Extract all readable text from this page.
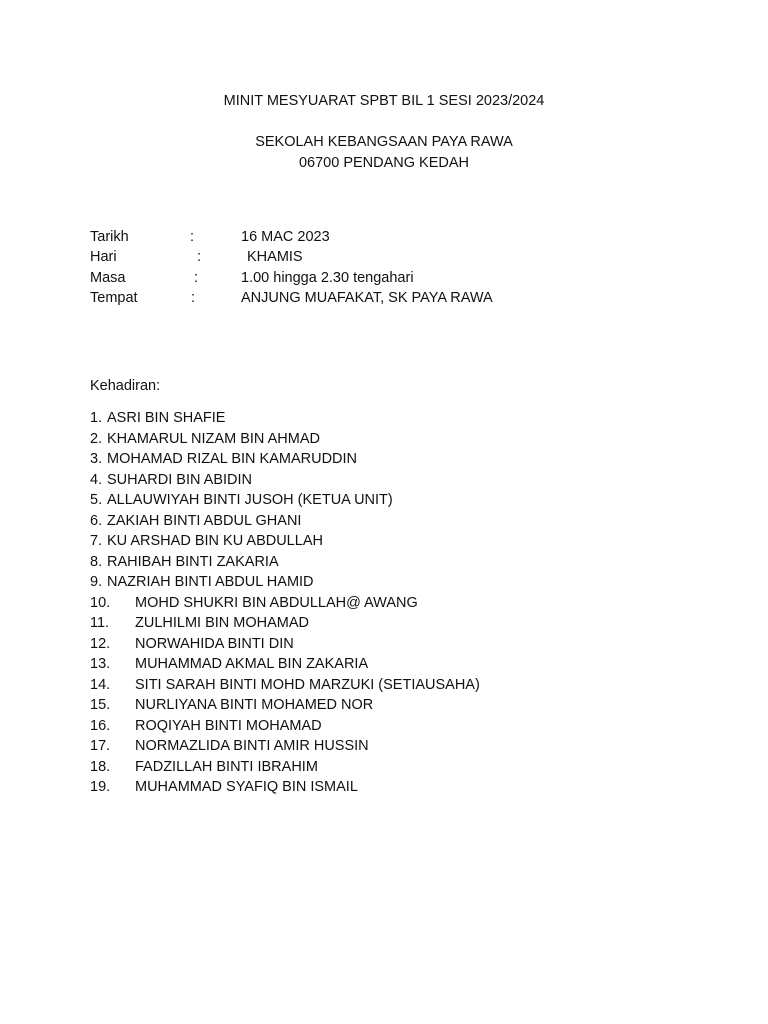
MINIT MESYUARAT SPBT BIL 1 SESI 2023/2024
SEKOLAH KEBANGSAAN PAYA RAWA
06700 PENDANG KEDAH
Tarikh	:	16 MAC 2023
Hari	:	KHAMIS
Masa	:	1.00 hingga 2.30 tengahari
Tempat	:	ANJUNG MUAFAKAT, SK PAYA RAWA
Kehadiran:
1. ASRI BIN SHAFIE
2. KHAMARUL NIZAM BIN AHMAD
3. MOHAMAD RIZAL BIN KAMARUDDIN
4. SUHARDI BIN ABIDIN
5. ALLAUWIYAH BINTI JUSOH (KETUA UNIT)
6. ZAKIAH BINTI ABDUL GHANI
7. KU ARSHAD BIN KU ABDULLAH
8. RAHIBAH BINTI ZAKARIA
9. NAZRIAH BINTI ABDUL HAMID
10. MOHD SHUKRI BIN ABDULLAH@ AWANG
11. ZULHILMI BIN MOHAMAD
12. NORWAHIDA BINTI DIN
13. MUHAMMAD AKMAL BIN ZAKARIA
14. SITI SARAH BINTI MOHD MARZUKI (SETIAUSAHA)
15. NURLIYANA BINTI MOHAMED NOR
16. ROQIYAH BINTI MOHAMAD
17. NORMAZLIDA BINTI AMIR HUSSIN
18. FADZILLAH BINTI IBRAHIM
19. MUHAMMAD SYAFIQ BIN ISMAIL
